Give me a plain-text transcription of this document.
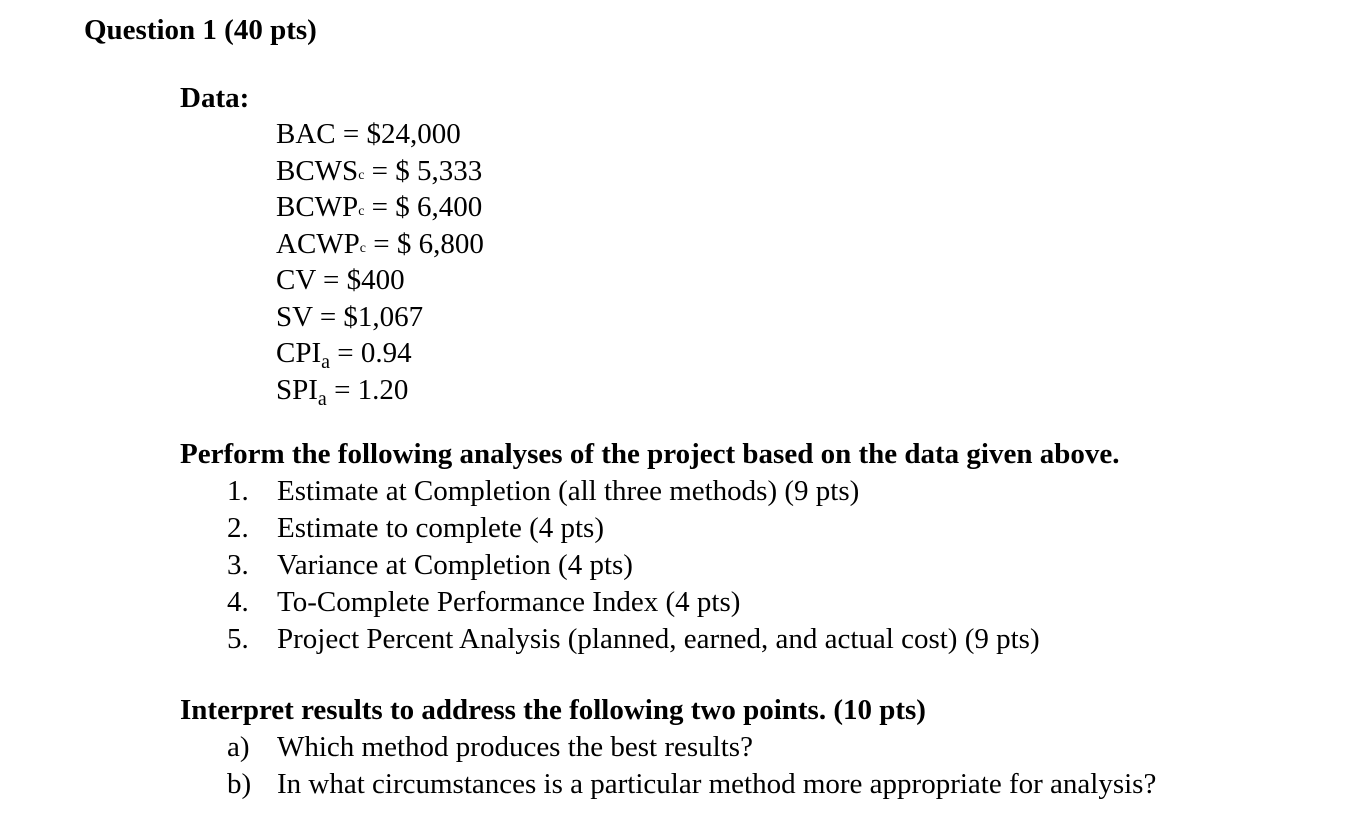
Question 1 (40 pts)
Data:
BAC = $24,000
BCWSc = $ 5,333
BCWPc = $ 6,400
ACWPc = $ 6,800
CV = $400
SV = $1,067
$CPI_a = 0.94$
$SPI_a = 1.20$
Perform the following analyses of the project based on the data given above.
1. Estimate at Completion (all three methods) (9 pts)
2. Estimate to complete (4 pts)
3. Variance at Completion (4 pts)
4. To-Complete Performance Index (4 pts)
5. Project Percent Analysis (planned, earned, and actual cost) (9 pts)
Interpret results to address the following two points. (10 pts)
a) Which method produces the best results?
b) In what circumstances is a particular method more appropriate for analysis?
